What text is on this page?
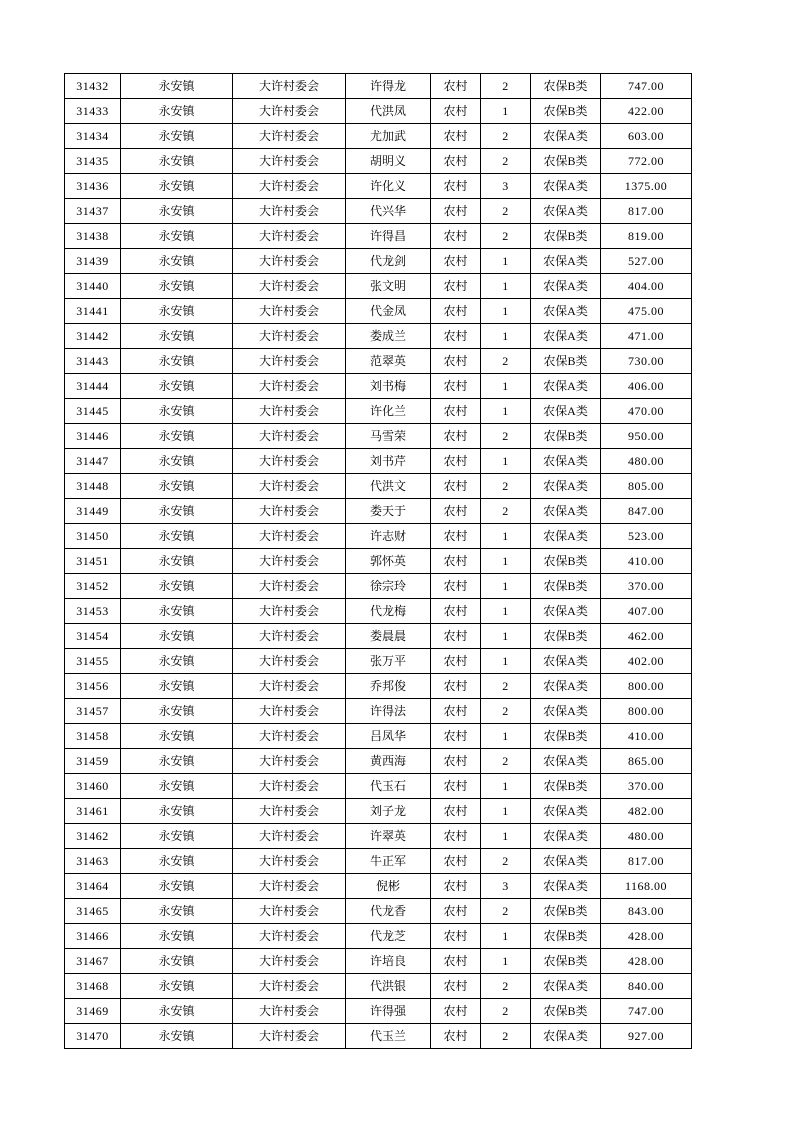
31432	永安镇	大许村委会	许得龙	农村	2	农保B类	747.00
31433	永安镇	大许村委会	代洪凤	农村	1	农保B类	422.00
31434	永安镇	大许村委会	尤加武	农村	2	农保A类	603.00
31435	永安镇	大许村委会	胡明义	农村	2	农保B类	772.00
31436	永安镇	大许村委会	许化义	农村	3	农保A类	1375.00
31437	永安镇	大许村委会	代兴华	农村	2	农保A类	817.00
31438	永安镇	大许村委会	许得昌	农村	2	农保B类	819.00
31439	永安镇	大许村委会	代龙剑	农村	1	农保A类	527.00
31440	永安镇	大许村委会	张文明	农村	1	农保A类	404.00
31441	永安镇	大许村委会	代金凤	农村	1	农保A类	475.00
31442	永安镇	大许村委会	娄成兰	农村	1	农保A类	471.00
31443	永安镇	大许村委会	范翠英	农村	2	农保B类	730.00
31444	永安镇	大许村委会	刘书梅	农村	1	农保A类	406.00
31445	永安镇	大许村委会	许化兰	农村	1	农保A类	470.00
31446	永安镇	大许村委会	马雪荣	农村	2	农保B类	950.00
31447	永安镇	大许村委会	刘书芹	农村	1	农保A类	480.00
31448	永安镇	大许村委会	代洪文	农村	2	农保A类	805.00
31449	永安镇	大许村委会	娄天于	农村	2	农保A类	847.00
31450	永安镇	大许村委会	许志财	农村	1	农保A类	523.00
31451	永安镇	大许村委会	郭怀英	农村	1	农保B类	410.00
31452	永安镇	大许村委会	徐宗玲	农村	1	农保B类	370.00
31453	永安镇	大许村委会	代龙梅	农村	1	农保A类	407.00
31454	永安镇	大许村委会	娄晨晨	农村	1	农保B类	462.00
31455	永安镇	大许村委会	张万平	农村	1	农保A类	402.00
31456	永安镇	大许村委会	乔邦俊	农村	2	农保A类	800.00
31457	永安镇	大许村委会	许得法	农村	2	农保A类	800.00
31458	永安镇	大许村委会	吕凤华	农村	1	农保B类	410.00
31459	永安镇	大许村委会	黄西海	农村	2	农保A类	865.00
31460	永安镇	大许村委会	代玉石	农村	1	农保B类	370.00
31461	永安镇	大许村委会	刘子龙	农村	1	农保A类	482.00
31462	永安镇	大许村委会	许翠英	农村	1	农保A类	480.00
31463	永安镇	大许村委会	牛正军	农村	2	农保A类	817.00
31464	永安镇	大许村委会	倪彬	农村	3	农保A类	1168.00
31465	永安镇	大许村委会	代龙香	农村	2	农保B类	843.00
31466	永安镇	大许村委会	代龙芝	农村	1	农保B类	428.00
31467	永安镇	大许村委会	许培良	农村	1	农保B类	428.00
31468	永安镇	大许村委会	代洪银	农村	2	农保A类	840.00
31469	永安镇	大许村委会	许得强	农村	2	农保B类	747.00
31470	永安镇	大许村委会	代玉兰	农村	2	农保A类	927.00
